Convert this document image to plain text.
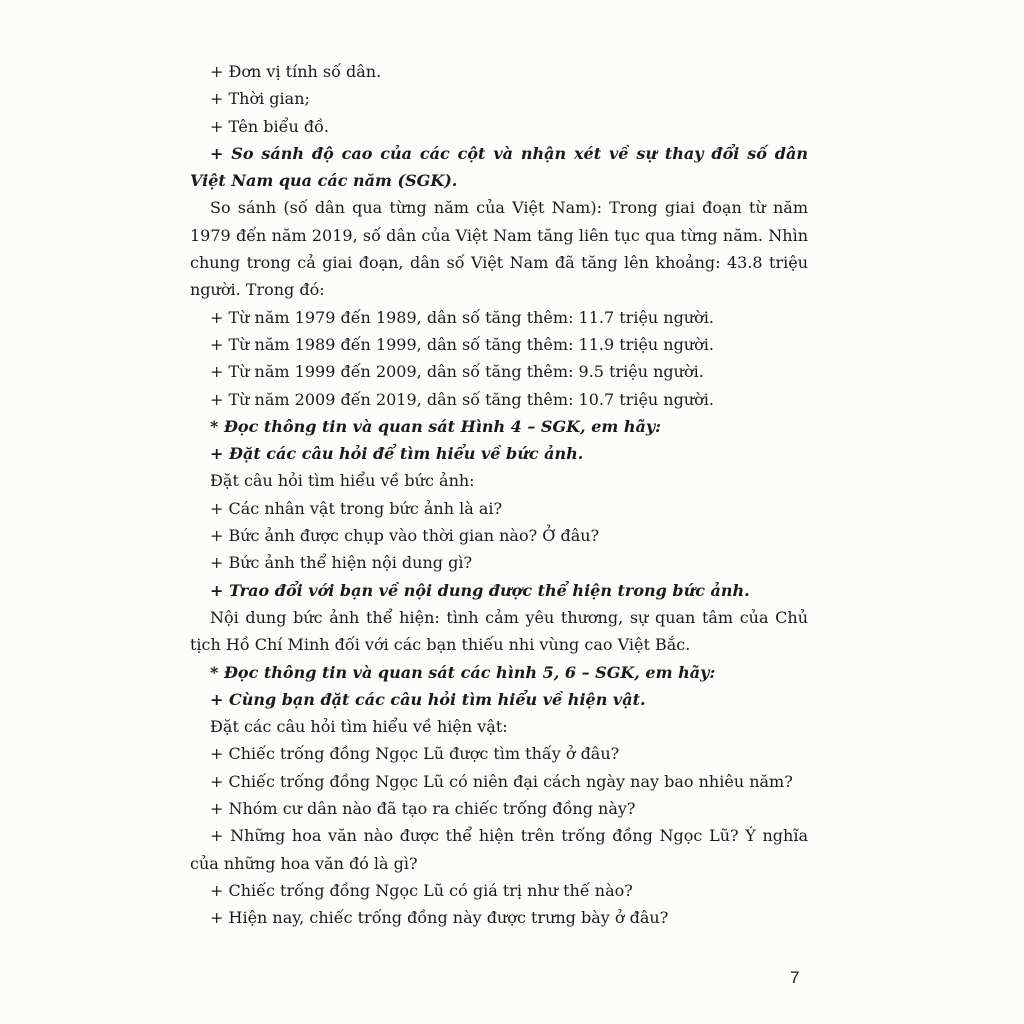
+ Đơn vị tính số dân.
+ Thời gian;
+ Tên biểu đồ.
+ So sánh độ cao của các cột và nhận xét về sự thay đổi số dân
Việt Nam qua các năm (SGK).
So sánh (số dân qua từng năm của Việt Nam): Trong giai đoạn từ năm
1979 đến năm 2019, số dân của Việt Nam tăng liên tục qua từng năm. Nhìn
chung trong cả giai đoạn, dân số Việt Nam đã tăng lên khoảng: 43.8 triệu
người. Trong đó:
+ Từ năm 1979 đến 1989, dân số tăng thêm: 11.7 triệu người.
+ Từ năm 1989 đến 1999, dân số tăng thêm: 11.9 triệu người.
+ Từ năm 1999 đến 2009, dân số tăng thêm: 9.5 triệu người.
+ Từ năm 2009 đến 2019, dân số tăng thêm: 10.7 triệu người.
* Đọc thông tin và quan sát Hình 4 – SGK, em hãy:
+ Đặt các câu hỏi để tìm hiểu về bức ảnh.
Đặt câu hỏi tìm hiểu về bức ảnh:
+ Các nhân vật trong bức ảnh là ai?
+ Bức ảnh được chụp vào thời gian nào? Ở đâu?
+ Bức ảnh thể hiện nội dung gì?
+ Trao đổi với bạn về nội dung được thể hiện trong bức ảnh.
Nội dung bức ảnh thể hiện: tình cảm yêu thương, sự quan tâm của Chủ
tịch Hồ Chí Minh đối với các bạn thiếu nhi vùng cao Việt Bắc.
* Đọc thông tin và quan sát các hình 5, 6 – SGK, em hãy:
+ Cùng bạn đặt các câu hỏi tìm hiểu về hiện vật.
Đặt các câu hỏi tìm hiểu về hiện vật:
+ Chiếc trống đồng Ngọc Lũ được tìm thấy ở đâu?
+ Chiếc trống đồng Ngọc Lũ có niên đại cách ngày nay bao nhiêu năm?
+ Nhóm cư dân nào đã tạo ra chiếc trống đồng này?
+ Những hoa văn nào được thể hiện trên trống đồng Ngọc Lũ? Ý nghĩa
của những hoa văn đó là gì?
+ Chiếc trống đồng Ngọc Lũ có giá trị như thế nào?
+ Hiện nay, chiếc trống đồng này được trưng bày ở đâu?
7
